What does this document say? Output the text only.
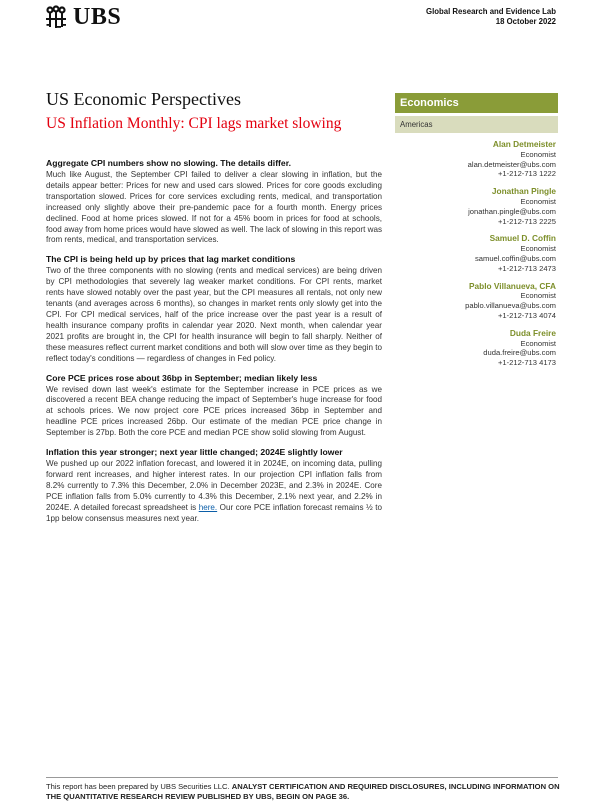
UBS	Global Research and Evidence Lab
18 October 2022
US Economic Perspectives
US Inflation Monthly: CPI lags market slowing
Economics
Americas
Alan Detmeister
Economist
alan.detmeister@ubs.com
+1-212-713 1222
Jonathan Pingle
Economist
jonathan.pingle@ubs.com
+1-212-713 2225
Samuel D. Coffin
Economist
samuel.coffin@ubs.com
+1-212-713 2473
Pablo Villanueva, CFA
Economist
pablo.villanueva@ubs.com
+1-212-713 4074
Duda Freire
Economist
duda.freire@ubs.com
+1-212-713 4173
Aggregate CPI numbers show no slowing. The details differ.

Much like August, the September CPI failed to deliver a clear slowing in inflation, but the details appear better: Prices for new and used cars slowed. Prices for core goods excluding transportation slowed. Prices for core services excluding rents, medical, and transportation increased only slightly above their pre-pandemic pace for a fourth month. Energy prices declined. Food at home prices slowed. If not for a 45% boom in prices for food at schools, food away from home prices would have slowed as well. The lack of slowing in this report was from rents, medical, and transportation services.

The CPI is being held up by prices that lag market conditions

Two of the three components with no slowing (rents and medical services) are being driven by CPI methodologies that severely lag weaker market conditions. For CPI rents, market rents have slowed notably over the past year, but the CPI measures all rentals, not only new tenants (and averages across 6 months), so changes in market rents only slowly get into the CPI. For CPI medical services, half of the price increase over the past year is a result of health insurance company profits in calendar year 2020. Next month, when calendar year 2021 profits are brought in, the CPI for health insurance will begin to fall sharply. Neither of these measures reflect current market conditions and both will slow over time as they begin to reflect today's conditions — regardless of changes in Fed policy.

Core PCE prices rose about 36bp in September; median likely less

We revised down last week's estimate for the September increase in PCE prices as we discovered a recent BEA change reducing the impact of September's huge increase for food at schools prices. We now project core PCE prices increased 36bp in September and headline PCE prices increased 26bp. Our estimate of the median PCE price change in September is 27bp. Both the core PCE and median PCE show solid slowing from August.

Inflation this year stronger; next year little changed; 2024E slightly lower

We pushed up our 2022 inflation forecast, and lowered it in 2024E, on incoming data, pulling forward rent increases, and higher interest rates. In our projection CPI inflation falls from 8.2% currently to 7.3% this December, 2.0% in December 2023E, and 2.3% in 2024E. Core PCE inflation falls from 5.0% currently to 4.3% this December, 2.1% next year, and 2.2% in 2024E. A detailed forecast spreadsheet is here. Our core PCE inflation forecast remains ½ to 1pp below consensus measures next year.

This report has been prepared by UBS Securities LLC. ANALYST CERTIFICATION AND REQUIRED DISCLOSURES, INCLUDING INFORMATION ON THE QUANTITATIVE RESEARCH REVIEW PUBLISHED BY UBS, BEGIN ON PAGE 36.
